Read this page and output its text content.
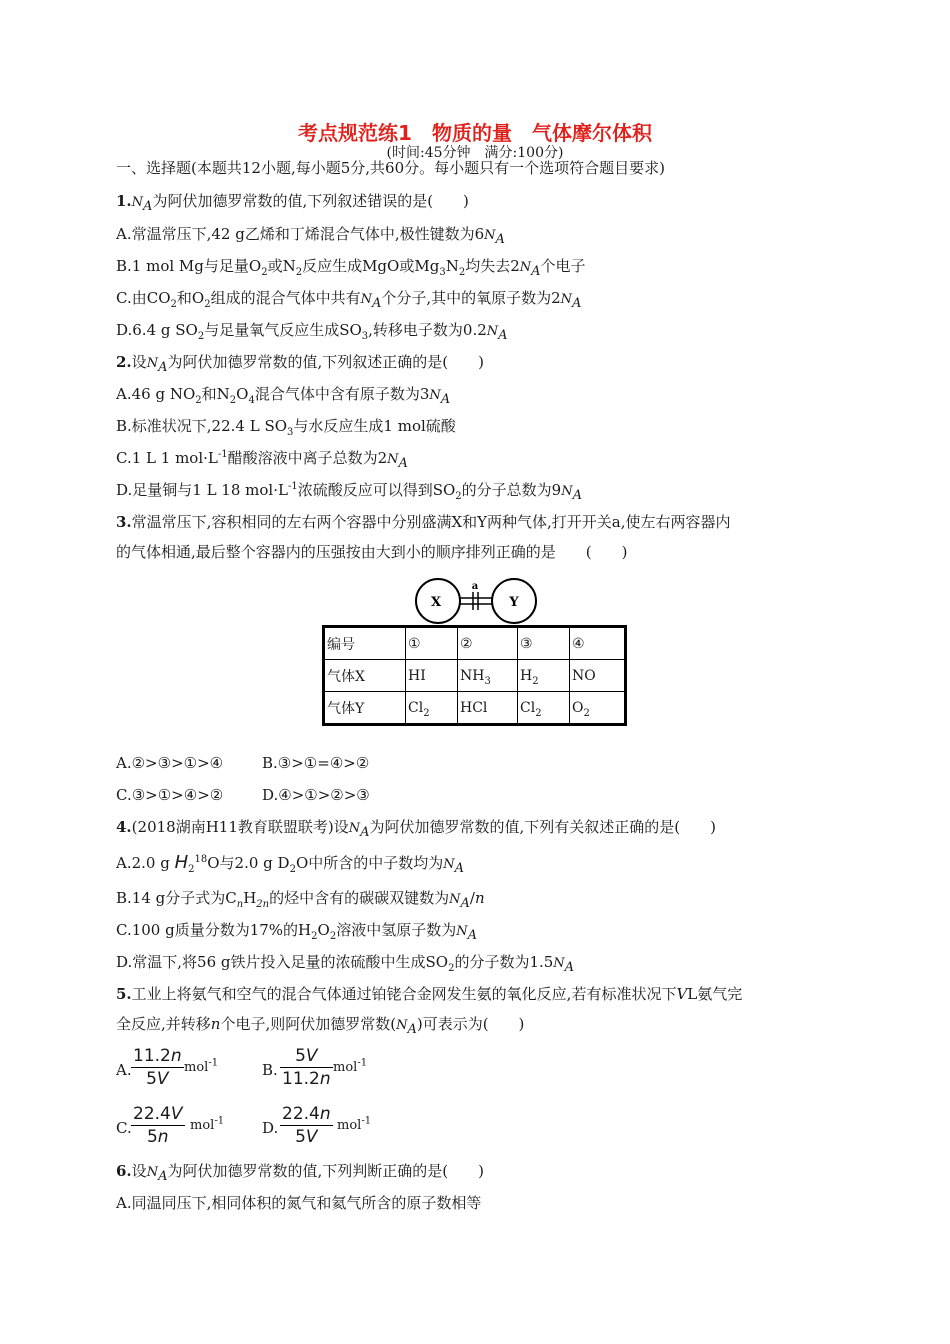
考点规范练1　物质的量　气体摩尔体积
(时间:45分钟　满分:100分)
一、选择题(本题共12小题,每小题5分,共60分。每小题只有一个选项符合题目要求)
$1.N_A$为阿伏加德罗常数的值,下列叙述错误的是(　　)
A.常温常压下,42 g乙烯和丁烯混合气体中,极性键数为$6N_A$
B.1 mol Mg与足量$O_2$或$N_2$反应生成MgO或$Mg_3N_2$均失去$2N_A$个电子
C.由$CO_2$和$O_2$组成的混合气体中共有$N_A$个分子,其中的氧原子数为$2N_A$
D.6.4 g $SO_2$与足量氧气反应生成$SO_3$,转移电子数为$0.2N_A$
2.设$N_A$为阿伏加德罗常数的值,下列叙述正确的是(　　)
A.46 g $NO_2$和$N_2O_4$混合气体中含有原子数为$3N_A$
B.标准状况下,22.4 L $SO_3$与水反应生成1 mol硫酸
C.1 L 1 $mol\cdot L^{-1}$醋酸溶液中离子总数为$2N_A$
D.足量铜与1 L 18 $mol\cdot L^{-1}$浓硫酸反应可以得到$SO_2$的分子总数为$9N_A$
3.常温常压下,容积相同的左右两个容器中分别盛满X和Y两种气体,打开开关a,使左右两容器内
的气体相通,最后整个容器内的压强按由大到小的顺序排列正确的是　　(　　)
X	Y
a
编号	①	②	③	④
气体X	HI	$NH_3$	$H_2$	NO
气体Y	$Cl_2$	HCl	$Cl_2$	$O_2$
A.②>③>①>④	B.③>①=④>②
C.③>①>④>②	D.④>①>②>③
4.(2018湖南H11教育联盟联考)设$N_A$为阿伏加德罗常数的值,下列有关叙述正确的是(　　)
A.2.0 g $H_2^{18}O$与2.0 g $D_2O$中所含的中子数均为$N_A$
B.14 g分子式为$C_nH_{2n}$的烃中含有的碳碳双键数为$N_A/n$
C.100 g质量分数为17%的$H_2O_2$溶液中氢原子数为$N_A$
D.常温下,将56 g铁片投入足量的浓硫酸中生成$SO_2$的分子数为$1.5N_A$
5.工业上将氨气和空气的混合气体通过铂铑合金网发生氨的氧化反应,若有标准状况下VL氨气完
全反应,并转移n个电子,则阿伏加德罗常数$(N_A)$可表示为(　　)
A. $\frac{11.2n}{5V} mol^{-1}$	B. $\frac{5V}{11.2n} mol^{-1}$
C. $\frac{22.4V}{5n} mol^{-1}$	D. $\frac{22.4n}{5V} mol^{-1}$
6.设$N_A$为阿伏加德罗常数的值,下列判断正确的是(　　)
A.同温同压下,相同体积的氮气和氦气所含的原子数相等
